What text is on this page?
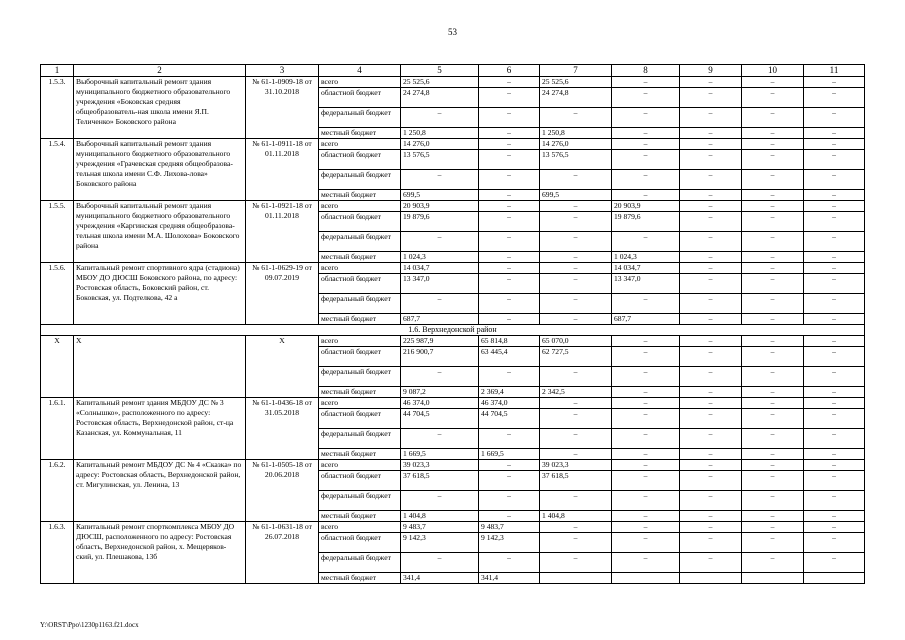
53
1	2	3	4	5	6	7	8	9	10	11
1.5.3.	Выборочный капитальный ремонт здания муниципального бюджетного образовательного учреждения «Боковская средняя общеобразователь-ная школа имени Я.П. Теличенко» Боковского района	№ 61-1-0909-18 от 31.10.2018	всего	25 525,6	–	25 525,6	–	–	–	–
			областной бюджет	24 274,8	–	24 274,8	–	–	–	–
			федеральный бюджет	–	–	–	–	–	–	–
			местный бюджет	1 250,8	–	1 250,8	–	–	–	–
1.5.4.	Выборочный капитальный ремонт здания муниципального бюджетного образовательного учреждения «Грачевская средняя общеобразова-тельная школа имени С.Ф. Лихова-лова» Боковского района	№ 61-1-0911-18 от 01.11.2018	всего	14 276,0	–	14 276,0	–	–	–	–
			областной бюджет	13 576,5	–	13 576,5	–	–	–	–
			федеральный бюджет	–	–	–	–	–	–	–
			местный бюджет	699,5	–	699,5	–	–	–	–
1.5.5.	Выборочный капитальный ремонт здания муниципального бюджетного образовательного учреждения «Каргинская средняя общеобразова-тельная школа имени М.А. Шолохова» Боковского района	№ 61-1-0921-18 от 01.11.2018	всего	20 903,9	–	–	20 903,9	–	–	–
			областной бюджет	19 879,6	–	–	19 879,6	–	–	–
			федеральный бюджет	–	–	–	–	–	–	–
			местный бюджет	1 024,3	–	–	1 024,3	–	–	–
1.5.6.	Капитальный ремонт спортивного ядра (стадиона) МБОУ ДО ДЮСШ Боковского района, по адресу: Ростовская область, Боковский район, ст. Боковская, ул. Подтелкова, 42 а	№ 61-1-0629-19 от 09.07.2019	всего	14 034,7	–	–	14 034,7	–	–	–
			областной бюджет	13 347,0	–	–	13 347,0	–	–	–
			федеральный бюджет	–	–	–	–	–	–	–
			местный бюджет	687,7	–	–	687,7	–	–	–
1.6. Верхнедонской район										
Х	Х	Х	всего	225 987,9	65 814,8	65 070,0	–	–	–	–
			областной бюджет	216 900,7	63 445,4	62 727,5	–	–	–	–
			федеральный бюджет	–	–	–	–	–	–	–
			местный бюджет	9 087,2	2 369,4	2 342,5	–	–	–	–
1.6.1.	Капитальный ремонт здания МБДОУ ДС № 3 «Солнышко», расположенного по адресу: Ростовская область, Верхнедонской район, ст-ца Казанская, ул. Коммунальная, 11	№ 61-1-0436-18 от 31.05.2018	всего	46 374,0	46 374,0	–	–	–	–	–
			областной бюджет	44 704,5	44 704,5	–	–	–	–	–
			федеральный бюджет	–	–	–	–	–	–	–
			местный бюджет	1 669,5	1 669,5	–	–	–	–	–
1.6.2.	Капитальный ремонт МБДОУ ДС № 4 «Сказка» по адресу: Ростовская область, Верхнедонской район, ст. Мигулинская, ул. Ленина, 13	№ 61-1-0505-18 от 20.06.2018	всего	39 023,3	–	39 023,3	–	–	–	–
			областной бюджет	37 618,5	–	37 618,5	–	–	–	–
			федеральный бюджет	–	–	–	–	–	–	–
			местный бюджет	1 404,8	–	1 404,8	–	–	–	–
1.6.3.	Капитальный ремонт спорткомплекса МБОУ ДО ДЮСШ, расположенного по адресу: Ростовская область, Верхнедонской район, х. Мещеряков-ский, ул. Плешакова, 13б	№ 61-1-0631-18 от 26.07.2018	всего	9 483,7	9 483,7	–	–	–	–	–
			областной бюджет	9 142,3	9 142,3	–	–	–	–	–
			федеральный бюджет	–	–	–	–	–	–	–
			местный бюджет	341,4	341,4					
Y:\ORST\Ppo\1230p1163.f21.docx
